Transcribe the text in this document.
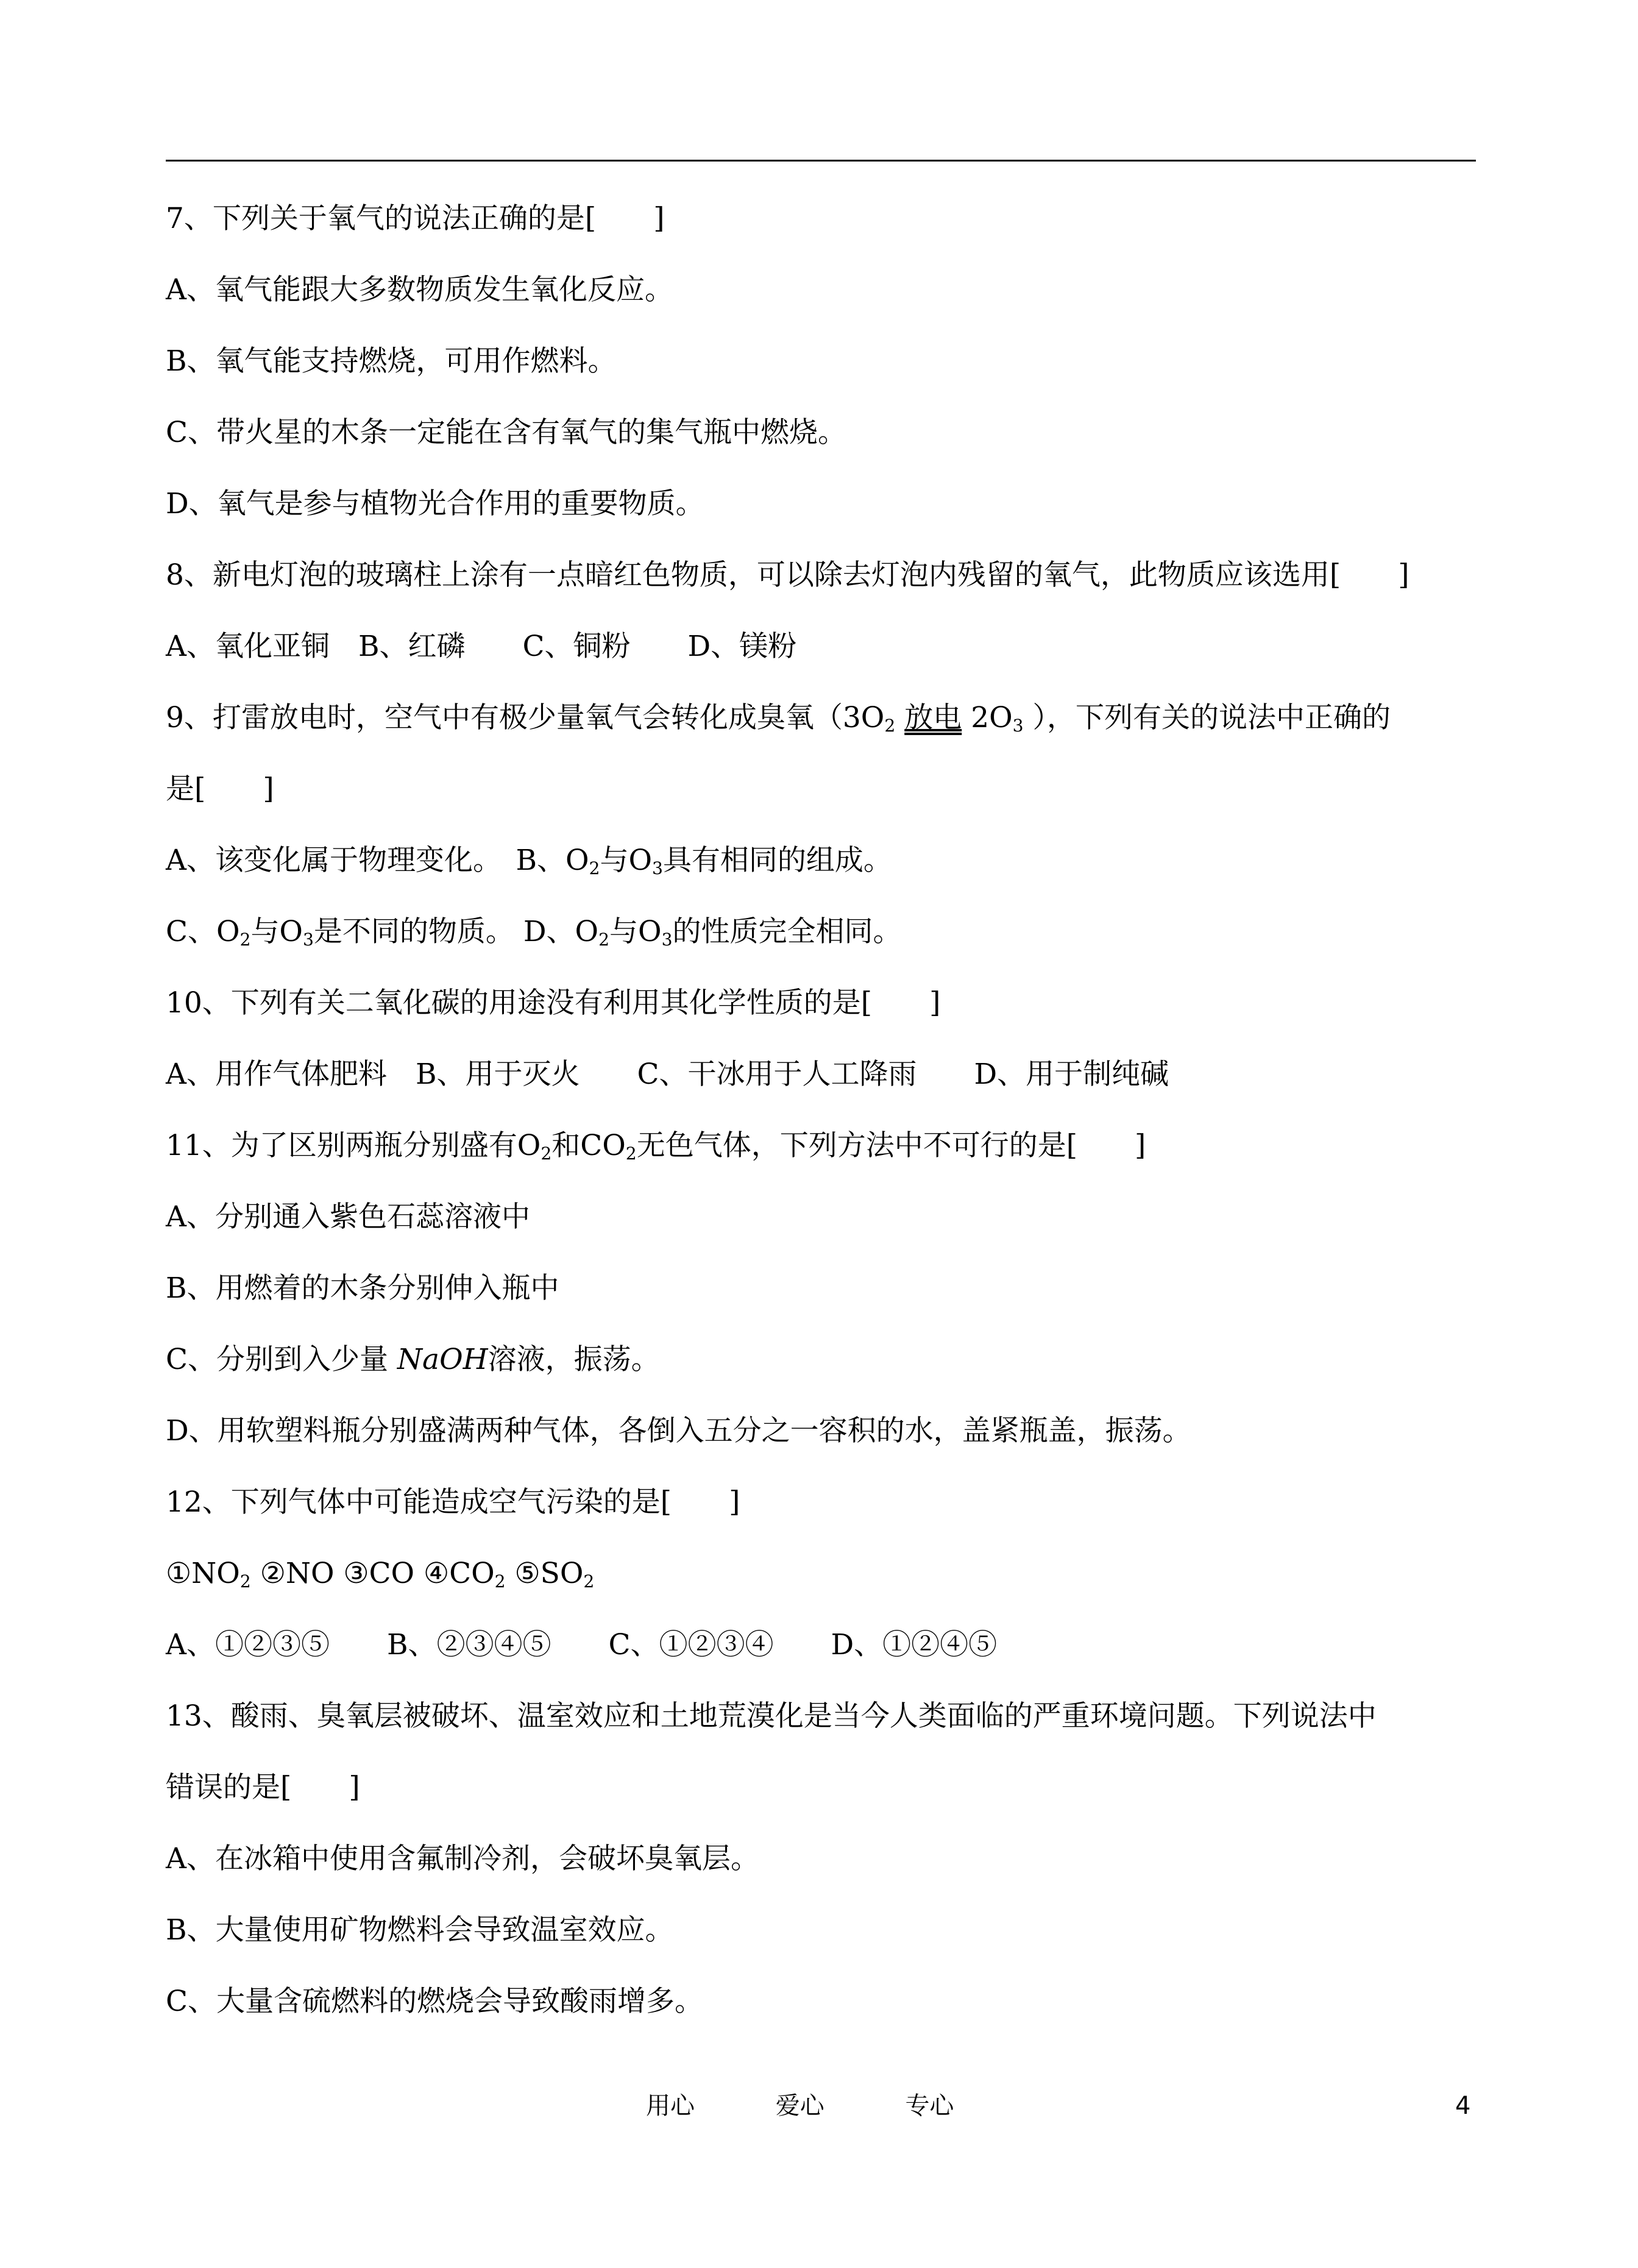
7、下列关于氧气的说法正确的是[　　]
A、氧气能跟大多数物质发生氧化反应。
B、氧气能支持燃烧，可用作燃料。
C、带火星的木条一定能在含有氧气的集气瓶中燃烧。
D、氧气是参与植物光合作用的重要物质。
8、新电灯泡的玻璃柱上涂有一点暗红色物质，可以除去灯泡内残留的氧气，此物质应该选用[　　]
A、氧化亚铜　B、红磷　　C、铜粉　　D、镁粉
9、打雷放电时，空气中有极少量氧气会转化成臭氧（$3O_2$ 放电 $2O_3$ ），下列有关的说法中正确的
是[　　]
A、该变化属于物理变化。　B、$O_2$与$O_3$具有相同的组成。
C、$O_2$与$O_3$是不同的物质。 D、$O_2$与$O_3$的性质完全相同。
10、下列有关二氧化碳的用途没有利用其化学性质的是[　　]
A、用作气体肥料　B、用于灭火　　C、干冰用于人工降雨　　D、用于制纯碱
11、为了区别两瓶分别盛有$O_2$和$CO_2$无色气体，下列方法中不可行的是[　　]
A、分别通入紫色石蕊溶液中
B、用燃着的木条分别伸入瓶中
C、分别到入少量 NaOH溶液，振荡。
D、用软塑料瓶分别盛满两种气体，各倒入五分之一容积的水，盖紧瓶盖，振荡。
12、下列气体中可能造成空气污染的是[　　]
$①NO_2$ ②NO ③CO $④CO_2$ $⑤SO_2$
A、①②③⑤　　B、②③④⑤　　C、①②③④　　D、①②④⑤
13、酸雨、臭氧层被破坏、温室效应和土地荒漠化是当今人类面临的严重环境问题。下列说法中
错误的是[　　]
A、在冰箱中使用含氟制冷剂，会破坏臭氧层。
B、大量使用矿物燃料会导致温室效应。
C、大量含硫燃料的燃烧会导致酸雨增多。
用心	爱心	专心	4
